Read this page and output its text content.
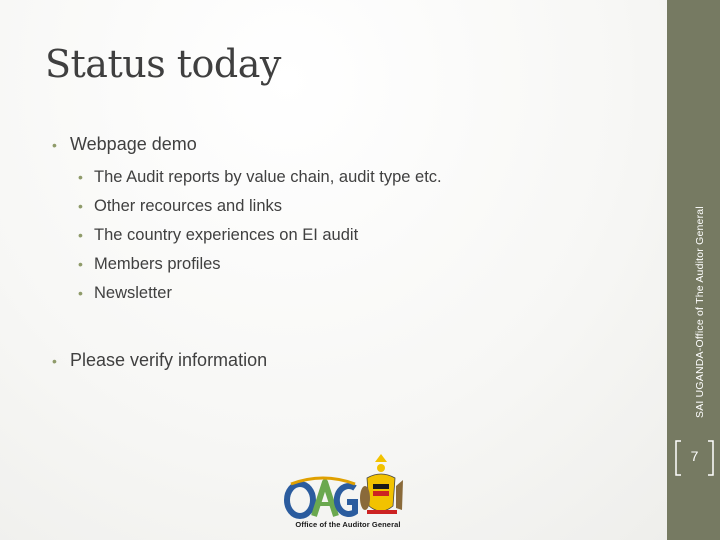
Status today
• Webpage demo
• The Audit reports by value chain, audit type etc.
• Other recources and links
• The country experiences on EI audit
• Members profiles
• Newsletter
• Please verify information	SAI UGANDA-Office of The Auditor General
7
Office of the Auditor General
